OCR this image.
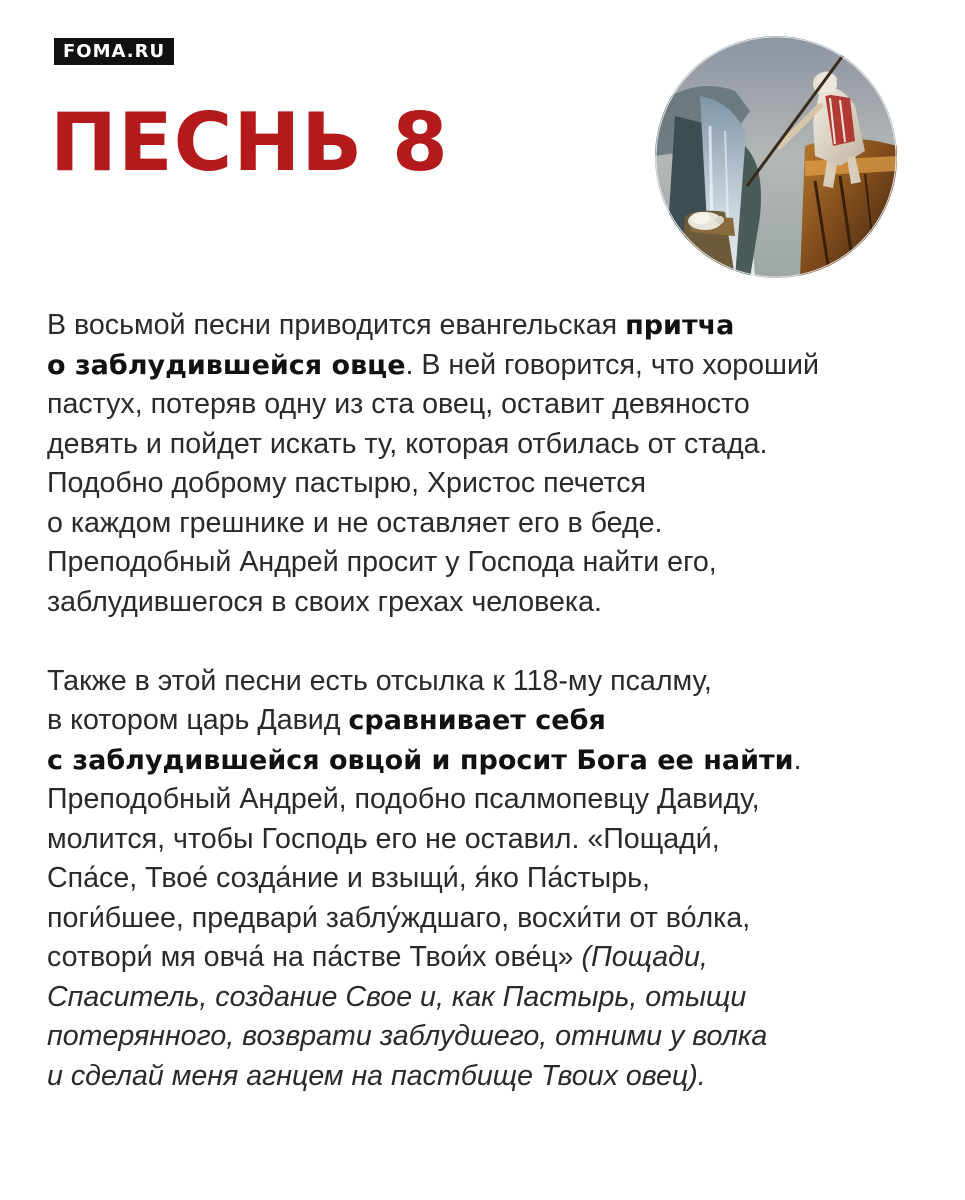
FOMA.RU
ПЕСНЬ 8

В восьмой песни приводится евангельская притча

о заблудившейся овце. В ней говорится, что хороший

пастух, потеряв одну из ста овец, оставит девяносто

девять и пойдет искать ту, которая отбилась от стада.

Подобно доброму пастырю, Христос печется

о каждом грешнике и не оставляет его в беде.

Преподобный Андрей просит у Господа найти его,

заблудившегося в своих грехах человека.

Также в этой песни есть отсылка к 118-му псалму,

в котором царь Давид сравнивает себя

с заблудившейся овцой и просит Бога ее найти.

Преподобный Андрей, подобно псалмопевцу Давиду,

молится, чтобы Господь его не оставил. «Пощади́,

Спа́се, Твое́ созда́ние и взыщи́, я́ко Па́стырь,

поги́бшее, предвари́ заблу́ждшаго, восхи́ти от во́лка,

сотвори́ мя овча́ на па́стве Твои́х ове́ц» (Пощади,

Спаситель, создание Свое и, как Пастырь, отыщи

потерянного, возврати заблудшего, отними у волка

и сделай меня агнцем на пастбище Твоих овец).
